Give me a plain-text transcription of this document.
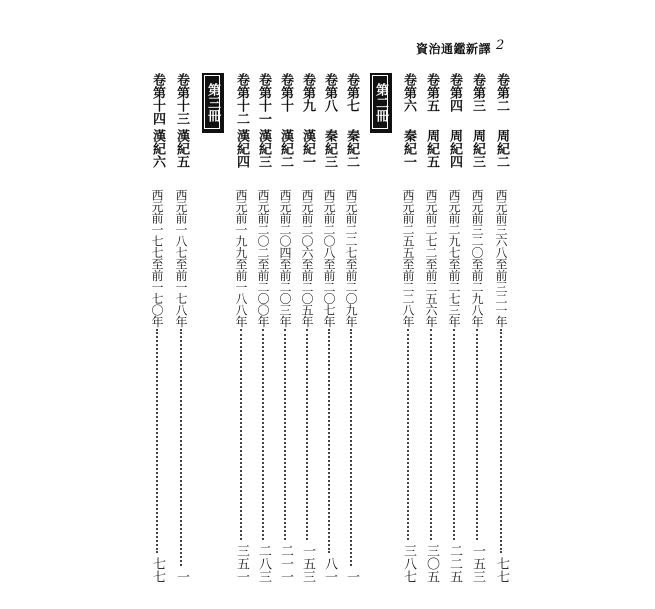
資治通鑑新譯 2
卷第二
周紀二
西元前三六八至前三二一年
七七
卷第三
周紀三
西元前三二〇至前二九八年
一五三
卷第四
周紀四
西元前二九七至前二七三年
二二五
卷第五
周紀五
西元前二七二至前二五六年
三〇五
卷第六
秦紀一
西元前二五五至前二二八年
三八七
第二冊
卷第七
秦紀二
西元前二二七至前二〇九年
一
卷第八
秦紀三
西元前二〇八至前二〇七年
八一
卷第九
漢紀一
西元前二〇六至前二〇五年
一五三
卷第十
漢紀二
西元前二〇四至前二〇三年
二一一
卷第十一
漢紀三
西元前二〇二至前二〇〇年
二八三
卷第十二
漢紀四
西元前一九九至前一八八年
三五一
第三冊
卷第十三
漢紀五
西元前一八七至前一七八年
一
卷第十四
漢紀六
西元前一七七至前一七〇年
七七
